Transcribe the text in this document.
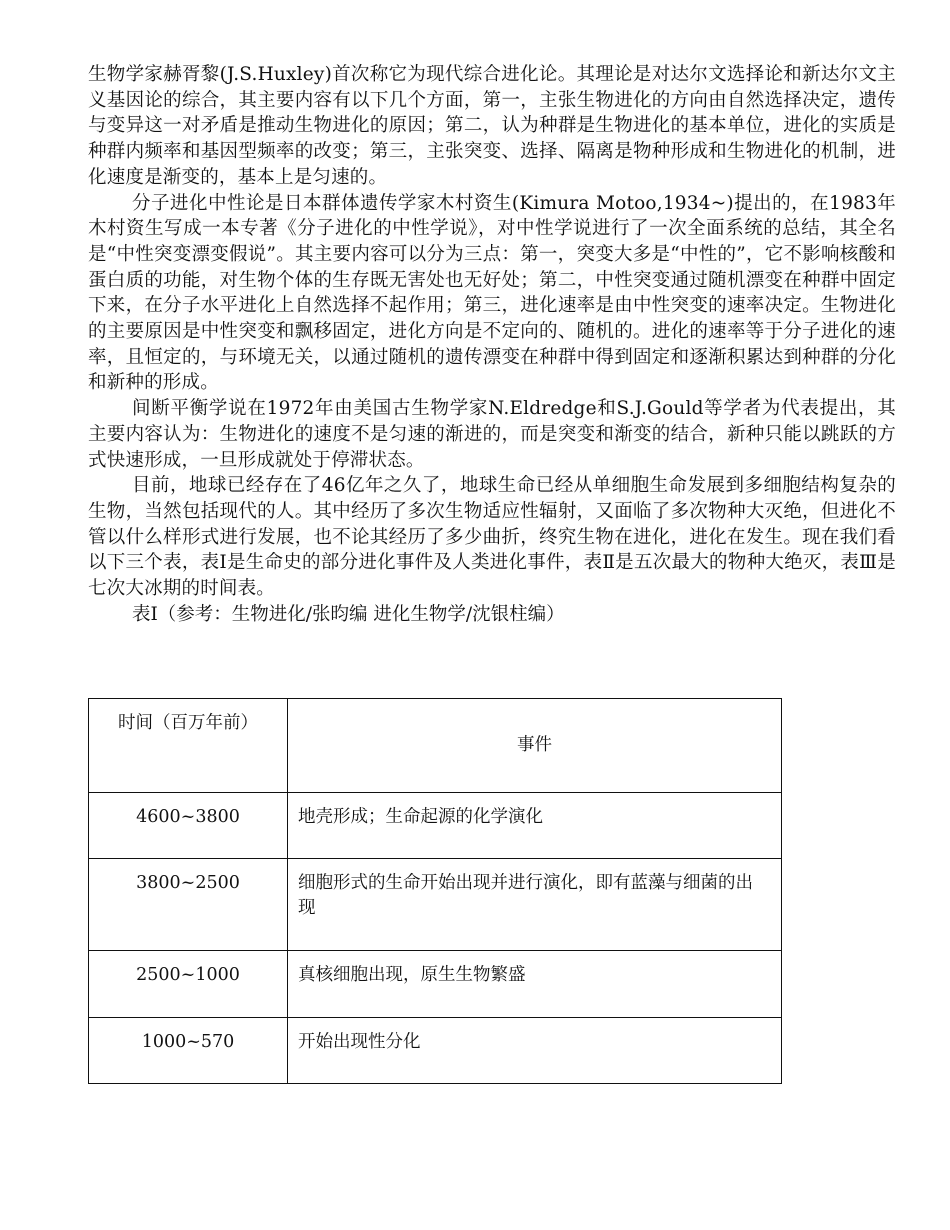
生物学家赫胥黎(J.S.Huxley)首次称它为现代综合进化论。其理论是对达尔文选择论和新达尔文主义基因论的综合，其主要内容有以下几个方面，第一，主张生物进化的方向由自然选择决定，遗传与变异这一对矛盾是推动生物进化的原因；第二，认为种群是生物进化的基本单位，进化的实质是种群内频率和基因型频率的改变；第三，主张突变、选择、隔离是物种形成和生物进化的机制，进化速度是渐变的，基本上是匀速的。

分子进化中性论是日本群体遗传学家木村资生(Kimura Motoo,1934~)提出的，在1983年木村资生写成一本专著《分子进化的中性学说》，对中性学说进行了一次全面系统的总结，其全名是“中性突变漂变假说”。其主要内容可以分为三点：第一，突变大多是“中性的”，它不影响核酸和蛋白质的功能，对生物个体的生存既无害处也无好处；第二，中性突变通过随机漂变在种群中固定下来，在分子水平进化上自然选择不起作用；第三，进化速率是由中性突变的速率决定。生物进化的主要原因是中性突变和飘移固定，进化方向是不定向的、随机的。进化的速率等于分子进化的速率，且恒定的，与环境无关，以通过随机的遗传漂变在种群中得到固定和逐渐积累达到种群的分化和新种的形成。

间断平衡学说在1972年由美国古生物学家N.Eldredge和S.J.Gould等学者为代表提出，其主要内容认为：生物进化的速度不是匀速的渐进的，而是突变和渐变的结合，新种只能以跳跃的方式快速形成，一旦形成就处于停滞状态。

目前，地球已经存在了46亿年之久了，地球生命已经从单细胞生命发展到多细胞结构复杂的生物，当然包括现代的人。其中经历了多次生物适应性辐射，又面临了多次物种大灭绝，但进化不管以什么样形式进行发展，也不论其经历了多少曲折，终究生物在进化，进化在发生。现在我们看以下三个表，表Ⅰ是生命史的部分进化事件及人类进化事件，表Ⅱ是五次最大的物种大绝灭，表Ⅲ是七次大冰期的时间表。

表Ⅰ（参考：生物进化/张昀编 进化生物学/沈银柱编）

时间（百万年前）	事件
4600~3800	地壳形成；生命起源的化学演化
3800~2500	细胞形式的生命开始出现并进行演化，即有蓝藻与细菌的出现
2500~1000	真核细胞出现，原生生物繁盛
1000~570	开始出现性分化
